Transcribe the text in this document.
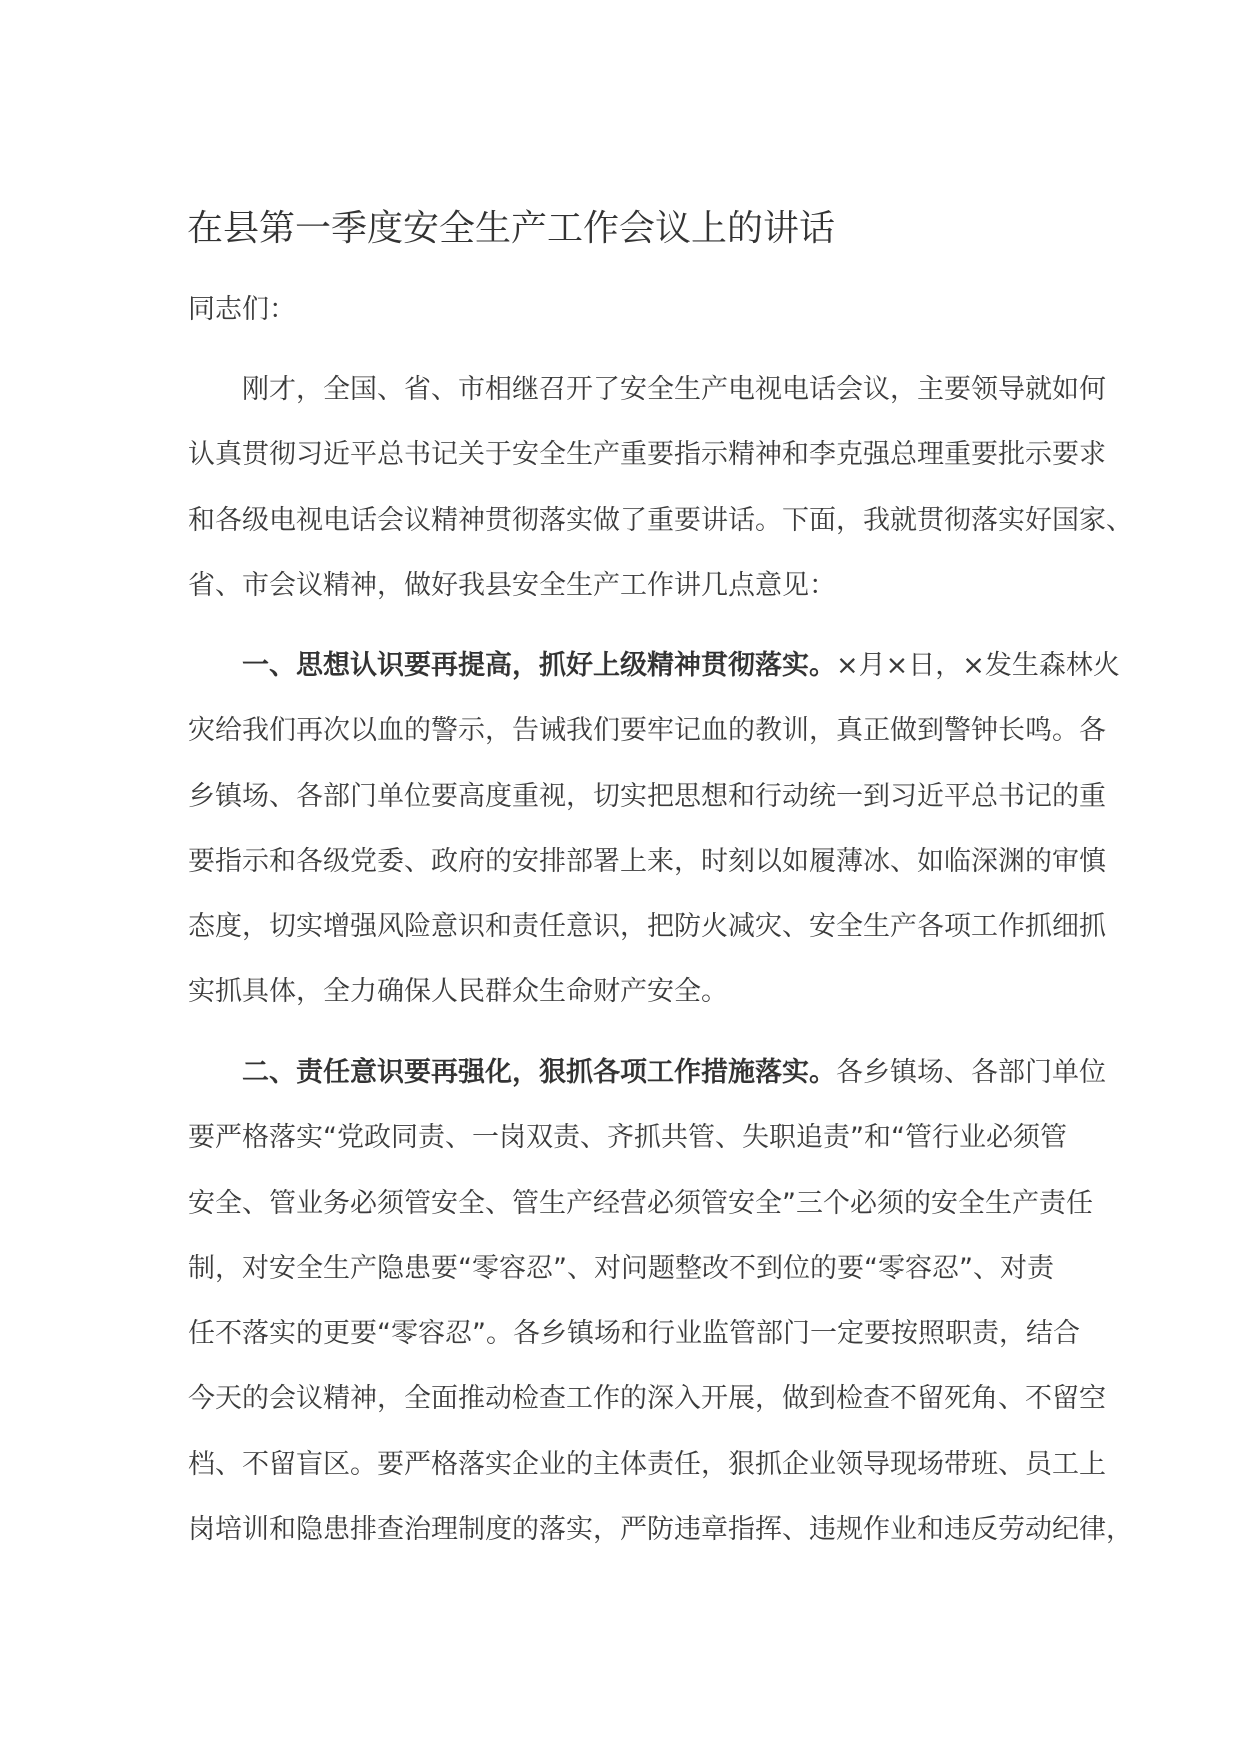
在县第一季度安全生产工作会议上的讲话
同志们：
刚才，全国、省、市相继召开了安全生产电视电话会议，主要领导就如何
认真贯彻习近平总书记关于安全生产重要指示精神和李克强总理重要批示要求
和各级电视电话会议精神贯彻落实做了重要讲话。下面，我就贯彻落实好国家、
省、市会议精神，做好我县安全生产工作讲几点意见：
一、思想认识要再提高，抓好上级精神贯彻落实。×月×日，×发生森林火
灾给我们再次以血的警示，告诫我们要牢记血的教训，真正做到警钟长鸣。各
乡镇场、各部门单位要高度重视，切实把思想和行动统一到习近平总书记的重
要指示和各级党委、政府的安排部署上来，时刻以如履薄冰、如临深渊的审慎
态度，切实增强风险意识和责任意识，把防火减灾、安全生产各项工作抓细抓
实抓具体，全力确保人民群众生命财产安全。
二、责任意识要再强化，狠抓各项工作措施落实。各乡镇场、各部门单位
要严格落实“党政同责、一岗双责、齐抓共管、失职追责”和“管行业必须管
安全、管业务必须管安全、管生产经营必须管安全”三个必须的安全生产责任
制，对安全生产隐患要“零容忍”、对问题整改不到位的要“零容忍”、对责
任不落实的更要“零容忍”。各乡镇场和行业监管部门一定要按照职责，结合
今天的会议精神，全面推动检查工作的深入开展，做到检查不留死角、不留空
档、不留盲区。要严格落实企业的主体责任，狠抓企业领导现场带班、员工上
岗培训和隐患排查治理制度的落实，严防违章指挥、违规作业和违反劳动纪律，
